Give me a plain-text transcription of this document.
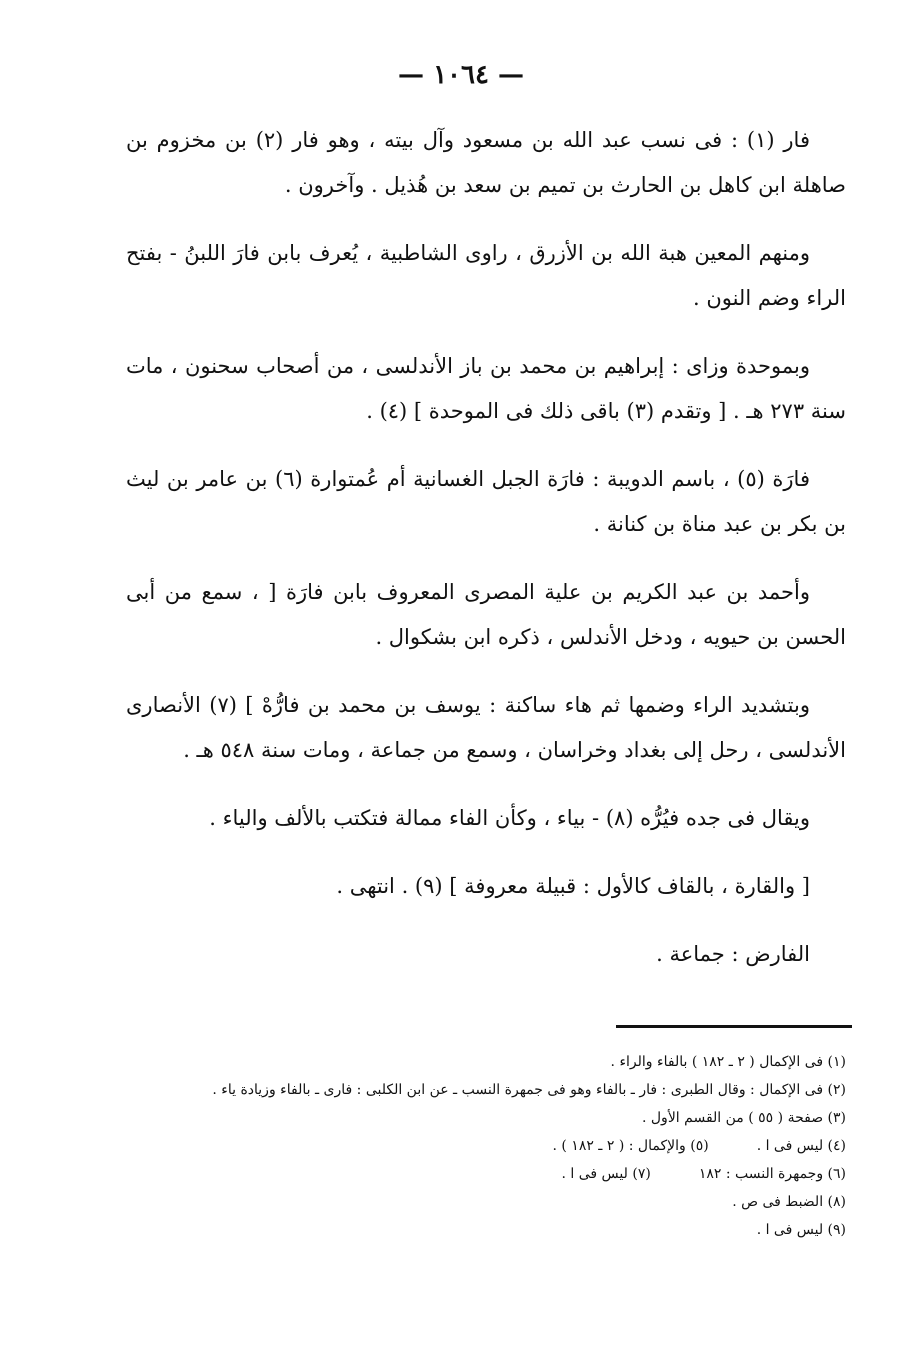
— ١٠٦٤ —

فار (١) : فى نسب عبد الله بن مسعود وآل بيته ، وهو فار (٢) بن مخزوم بن صاهلة ابن كاهل بن الحارث بن تميم بن سعد بن هُذيل . وآخرون .

ومنهم المعين هبة الله بن الأزرق ، راوى الشاطبية ، يُعرف بابن فارَ اللبنُ - بفتح الراء وضم النون .

وبموحدة وزاى : إبراهيم بن محمد بن باز الأندلسى ، من أصحاب سحنون ، مات سنة ٢٧٣ هـ . [ وتقدم (٣) باقى ذلك فى الموحدة ] (٤) .

فارَة (٥) ، باسم الدويبة : فارَة الجبل الغسانية أم عُمتوارة (٦) بن عامر بن ليث بن بكر بن عبد مناة بن كنانة .

وأحمد بن عبد الكريم بن علية المصرى المعروف بابن فارَة [ ، سمع من أبى الحسن بن حيويه ، ودخل الأندلس ، ذكره ابن بشكوال .

وبتشديد الراء وضمها ثم هاء ساكنة : يوسف بن محمد بن فارُّهْ ] (٧) الأنصارى الأندلسى ، رحل إلى بغداد وخراسان ، وسمع من جماعة ، ومات سنة ٥٤٨ هـ .

ويقال فى جده فيُرُّه (٨) - بياء ، وكأن الفاء ممالة فتكتب بالألف والياء .

[ والقارة ، بالقاف كالأول : قبيلة معروفة ] (٩) . انتهى .

الفارض : جماعة .

(١) فى الإكمال ( ٢ ـ ١٨٢ ) بالفاء والراء .
(٢) فى الإكمال : وقال الطبرى : فار ـ بالفاء وهو فى جمهرة النسب ـ عن ابن الكلبى : فارى ـ بالفاء وزيادة ياء .
(٣) صفحة ( ٥٥ ) من القسم الأول .
(٤) ليس فى ا .
(٥) والإكمال : ( ٢ ـ ١٨٢ ) .
(٦) وجمهرة النسب : ١٨٢
(٧) ليس فى ا .
(٨) الضبط فى ص .
(٩) ليس فى ا .
